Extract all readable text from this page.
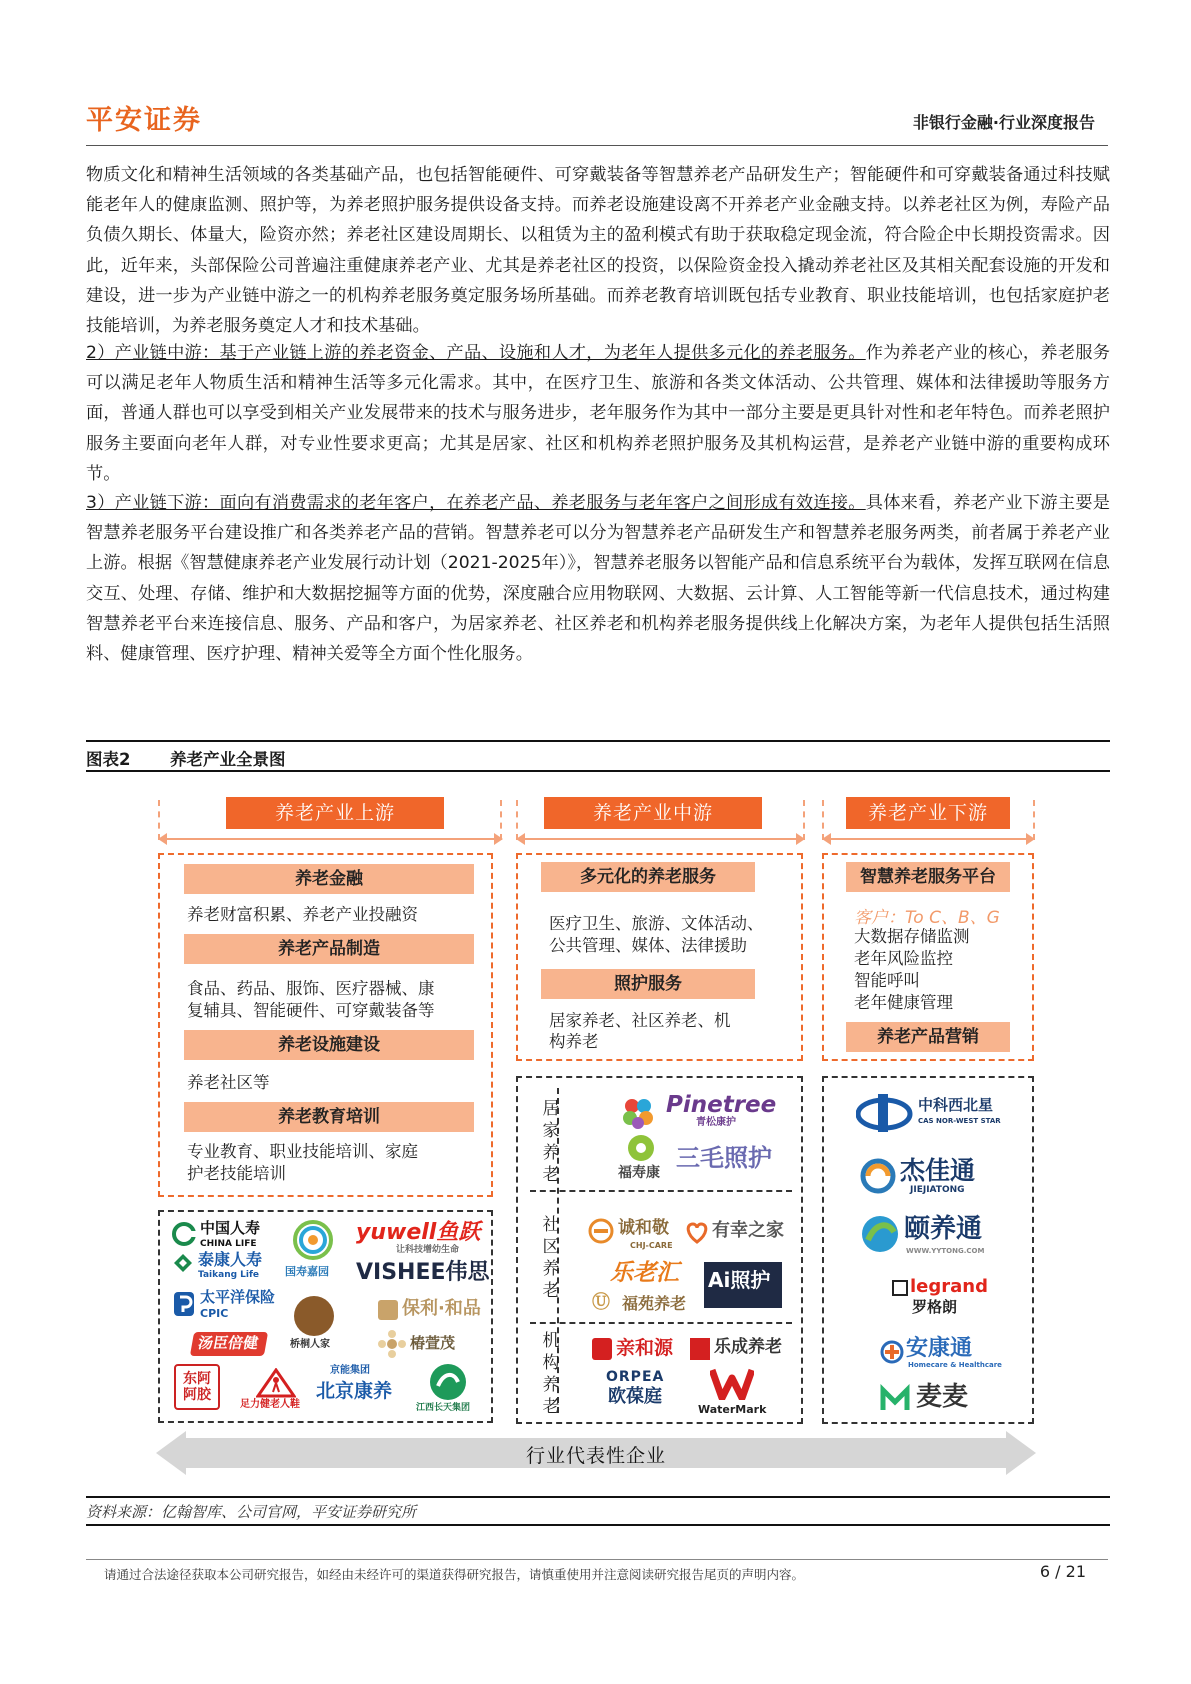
平安证券	非银行金融·行业深度报告
物质文化和精神生活领域的各类基础产品，也包括智能硬件、可穿戴装备等智慧养老产品研发生产；智能硬件和可穿戴装备通过科技赋能老年人的健康监测、照护等，为养老照护服务提供设备支持。而养老设施建设离不开养老产业金融支持。以养老社区为例，寿险产品负债久期长、体量大，险资亦然；养老社区建设周期长、以租赁为主的盈利模式有助于获取稳定现金流，符合险企中长期投资需求。因此，近年来，头部保险公司普遍注重健康养老产业、尤其是养老社区的投资，以保险资金投入撬动养老社区及其相关配套设施的开发和建设，进一步为产业链中游之一的机构养老服务奠定服务场所基础。而养老教育培训既包括专业教育、职业技能培训，也包括家庭护老技能培训，为养老服务奠定人才和技术基础。
2）产业链中游：基于产业链上游的养老资金、产品、设施和人才，为老年人提供多元化的养老服务。作为养老产业的核心，养老服务可以满足老年人物质生活和精神生活等多元化需求。其中，在医疗卫生、旅游和各类文体活动、公共管理、媒体和法律援助等服务方面，普通人群也可以享受到相关产业发展带来的技术与服务进步，老年服务作为其中一部分主要是更具针对性和老年特色。而养老照护服务主要面向老年人群，对专业性要求更高；尤其是居家、社区和机构养老照护服务及其机构运营，是养老产业链中游的重要构成环节。
3）产业链下游：面向有消费需求的老年客户，在养老产品、养老服务与老年客户之间形成有效连接。具体来看，养老产业下游主要是智慧养老服务平台建设推广和各类养老产品的营销。智慧养老可以分为智慧养老产品研发生产和智慧养老服务两类，前者属于养老产业上游。根据《智慧健康养老产业发展行动计划（2021-2025年）》，智慧养老服务以智能产品和信息系统平台为载体，发挥互联网在信息交互、处理、存储、维护和大数据挖掘等方面的优势，深度融合应用物联网、大数据、云计算、人工智能等新一代信息技术，通过构建智慧养老平台来连接信息、服务、产品和客户，为居家养老、社区养老和机构养老服务提供线上化解决方案，为老年人提供包括生活照料、健康管理、医疗护理、精神关爱等全方面个性化服务。
图表2 养老产业全景图
养老产业上游	养老产业中游	养老产业下游
养老金融
养老财富积累、养老产业投融资
养老产品制造
食品、药品、服饰、医疗器械、康
复辅具、智能硬件、可穿戴装备等
养老设施建设
养老社区等
养老教育培训
专业教育、职业技能培训、家庭
护老技能培训
中国人寿
CHINA LIFE
泰康人寿
Taikang Life
太平洋保险
CPIC
汤臣倍健
东阿阿胶
国寿嘉园
桥桐人家
足力健老人鞋
yuwell鱼跃
让科技增幼生命
VISHEE伟思
保利·和品
椿萱茂
京能集团
北京康养
江西长天集团
多元化的养老服务
医疗卫生、旅游、文体活动、
公共管理、媒体、法律援助
照护服务
居家养老、社区养老、机
构养老
居家养老
社区养老
机构养老
Pinetree
青松康护
福寿康
三毛照护
诚和敬
CHJ-CARE
有幸之家
乐老汇 Ai照护
Ⓤ 福苑养老
亲和源 乐成养老
ORPEA
欧葆庭
WaterMark
智慧养老服务平台
客户：To C、B、G
大数据存储监测
老年风险监控
智能呼叫
老年健康管理
养老产品营销
中科西北星
CAS NOR-WEST STAR
杰佳通
JIEJIATONG
颐养通
WWW.YYTONG.COM
legrand
罗格朗
安康通
Homecare & Healthcare
麦麦
行业代表性企业
资料来源：亿翰智库、公司官网，平安证券研究所
请通过合法途径获取本公司研究报告，如经由未经许可的渠道获得研究报告，请慎重使用并注意阅读研究报告尾页的声明内容。	6 / 21
